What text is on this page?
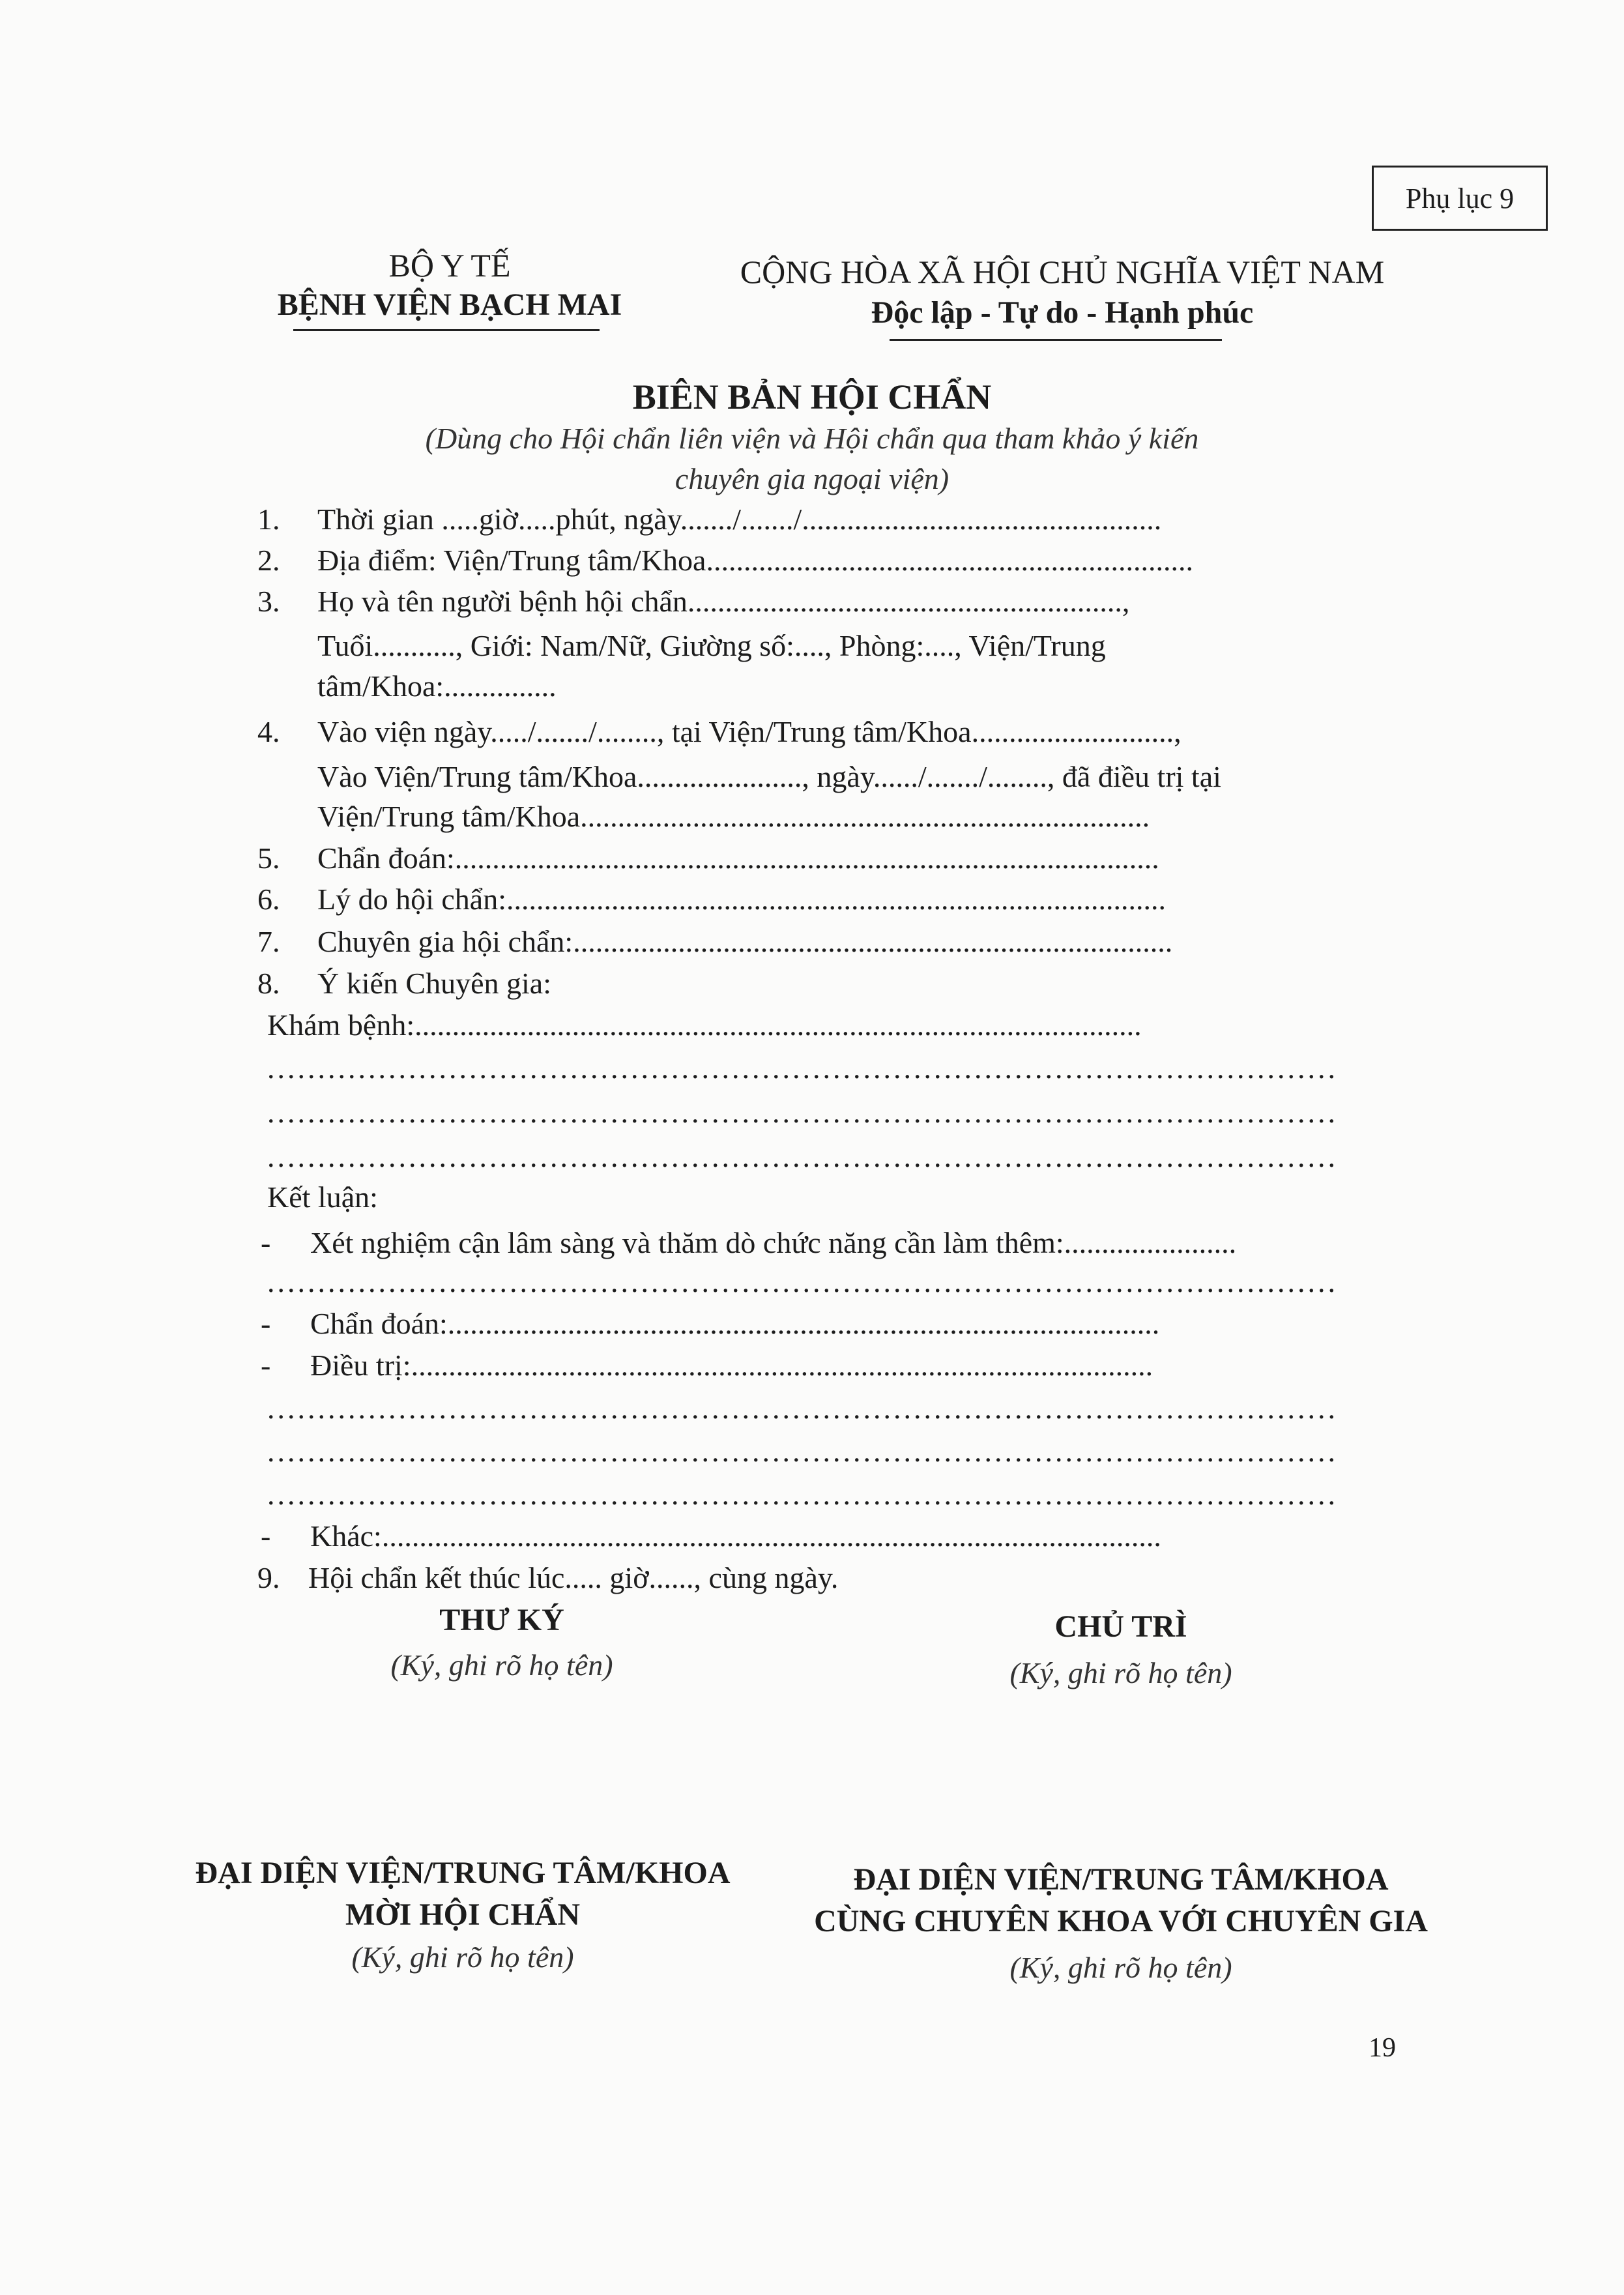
Phụ lục 9
BỘ Y TẾ
BỆNH VIỆN BẠCH MAI
CỘNG HÒA XÃ HỘI CHỦ NGHĨA VIỆT NAM
Độc lập - Tự do - Hạnh phúc
BIÊN BẢN HỘI CHẨN
(Dùng cho Hội chẩn liên viện và Hội chẩn qua tham khảo ý kiến
chuyên gia ngoại viện)
1. Thời gian .....giờ.....phút, ngày......./......./................................................
2. Địa điểm: Viện/Trung tâm/Khoa.................................................................
3. Họ và tên người bệnh hội chẩn..........................................................,
Tuổi..........., Giới: Nam/Nữ, Giường số:...., Phòng:...., Viện/Trung
tâm/Khoa:...............
4. Vào viện ngày...../......./........, tại Viện/Trung tâm/Khoa...........................,
Vào Viện/Trung tâm/Khoa......................, ngày....../......./........, đã điều trị tại
Viện/Trung tâm/Khoa............................................................................
5. Chẩn đoán:..............................................................................................
6. Lý do hội chẩn:........................................................................................
7. Chuyên gia hội chẩn:................................................................................
8. Ý kiến Chuyên gia:
Khám bệnh:.................................................................................................
..........................................................................................................
..........................................................................................................
..........................................................................................................
Kết luận:
- Xét nghiệm cận lâm sàng và thăm dò chức năng cần làm thêm:.......................
..........................................................................................................
- Chẩn đoán:...............................................................................................
- Điều trị:...................................................................................................
..........................................................................................................
..........................................................................................................
..........................................................................................................
- Khác:........................................................................................................
9. Hội chẩn kết thúc lúc..... giờ......, cùng ngày.
THƯ KÝ
(Ký, ghi rõ họ tên)
CHỦ TRÌ
(Ký, ghi rõ họ tên)
ĐẠI DIỆN VIỆN/TRUNG TÂM/KHOA
MỜI HỘI CHẨN
(Ký, ghi rõ họ tên)
ĐẠI DIỆN VIỆN/TRUNG TÂM/KHOA
CÙNG CHUYÊN KHOA VỚI CHUYÊN GIA
(Ký, ghi rõ họ tên)
19
